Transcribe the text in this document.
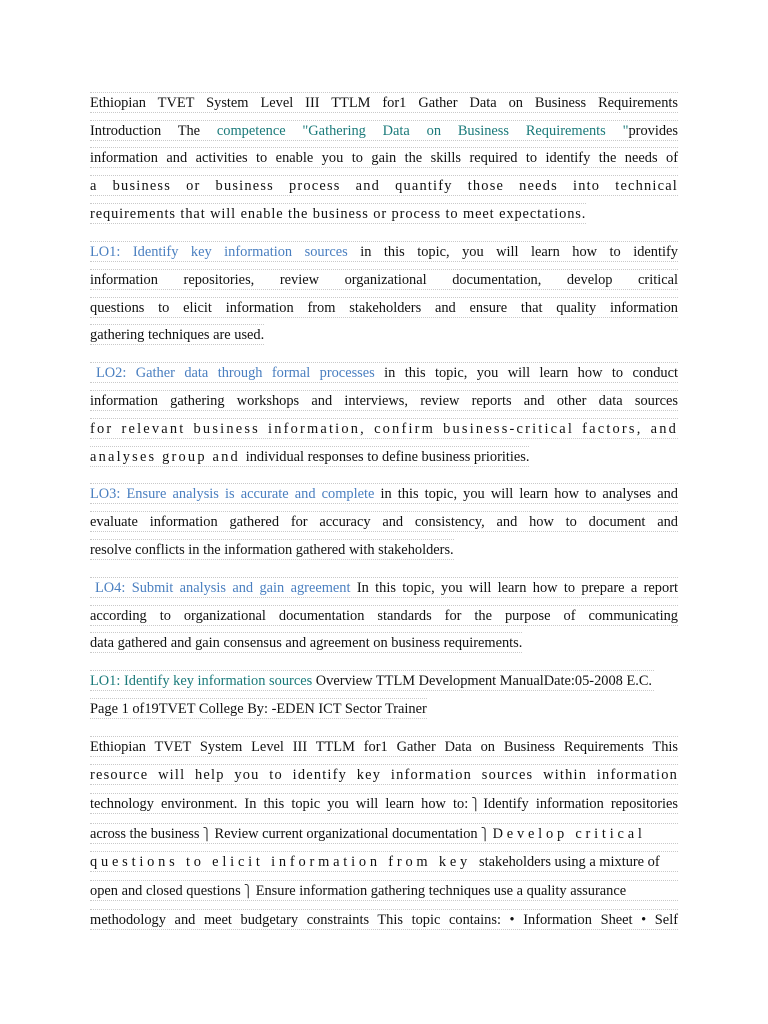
Ethiopian TVET System Level III TTLM for1 Gather Data on Business Requirements
Introduction The competence "Gathering Data on Business Requirements "provides
information and activities to enable you to gain the skills required to identify the needs of
a business or business process and quantify those needs into technical
requirements that will enable the business or process to meet expectations.
LO1: Identify key information sources in this topic, you will learn how to identify
information repositories, review organizational documentation, develop critical
questions to elicit information from stakeholders and ensure that quality information
gathering techniques are used.
LO2: Gather data through formal processes in this topic, you will learn how to conduct
information gathering workshops and interviews, review reports and other data sources
for relevant business information, confirm business-critical factors, and
analyses group and individual responses to define business priorities.
LO3: Ensure analysis is accurate and complete in this topic, you will learn how to analyses and
evaluate information gathered for accuracy and consistency, and how to document and
resolve conflicts in the information gathered with stakeholders.
LO4: Submit analysis and gain agreement In this topic, you will learn how to prepare a report
according to organizational documentation standards for the purpose of communicating
data gathered and gain consensus and agreement on business requirements.
LO1: Identify key information sources Overview TTLM Development ManualDate:05-2008 E.C.
Page 1 of19TVET College By: -EDEN ICT Sector Trainer
Ethiopian TVET System Level III TTLM for1 Gather Data on Business Requirements This
resource will help you to identify key information sources within information
technology environment. In this topic you will learn how to: ⎫ Identify information repositories
across the business ⎫ Review current organizational documentation ⎫ Develop critical
questions to elicit information from key stakeholders using a mixture of
open and closed questions ⎫ Ensure information gathering techniques use a quality assurance
methodology and meet budgetary constraints This topic contains: • Information Sheet • Self
